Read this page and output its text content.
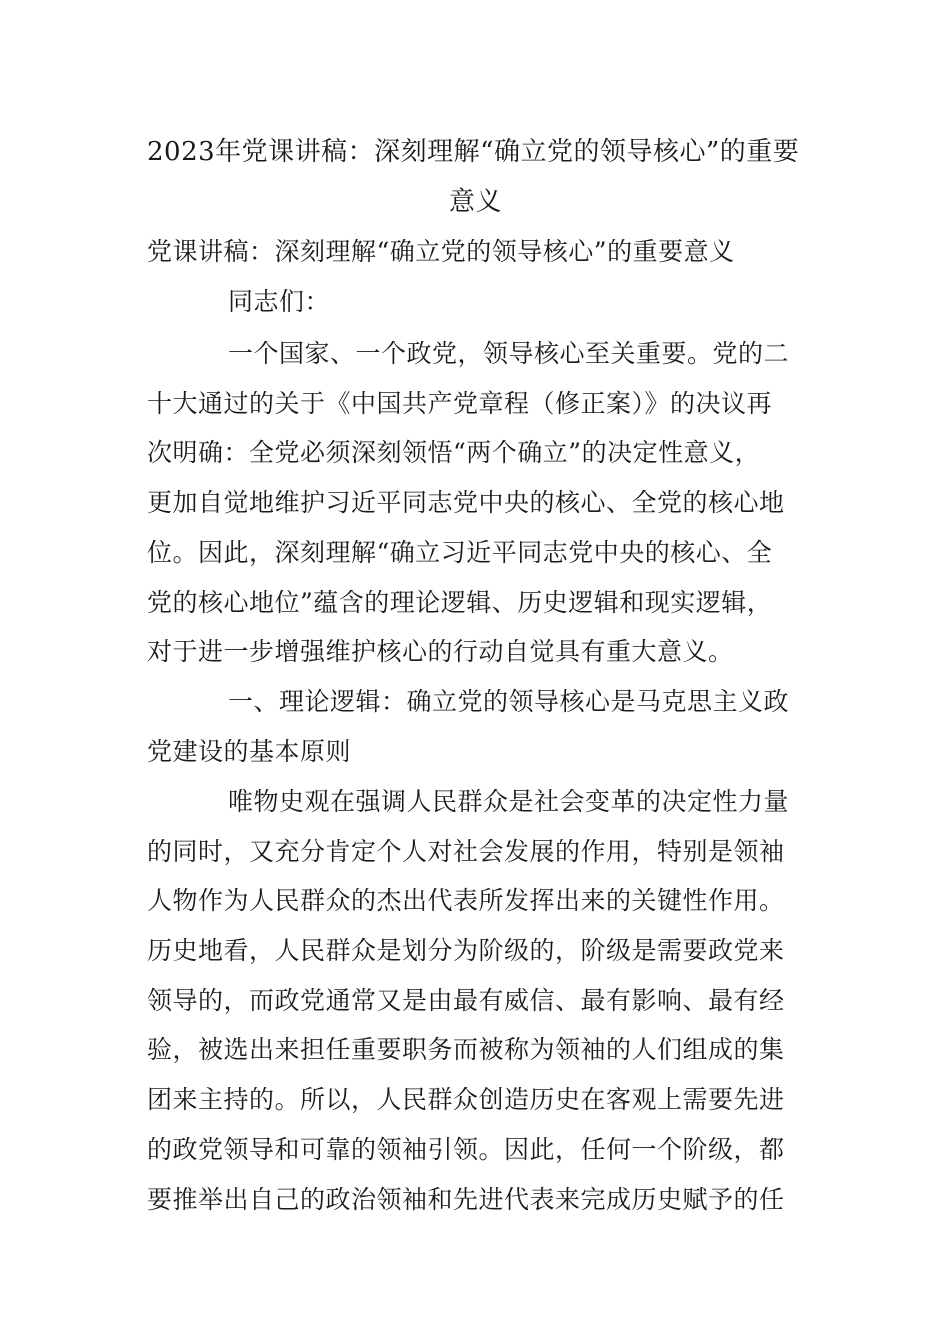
2023年党课讲稿：深刻理解“确立党的领导核心”的重要
意义
党课讲稿：深刻理解“确立党的领导核心”的重要意义
同志们：
一个国家、一个政党，领导核心至关重要。党的二
十大通过的关于《中国共产党章程（修正案）》的决议再
次明确：全党必须深刻领悟“两个确立”的决定性意义，
更加自觉地维护习近平同志党中央的核心、全党的核心地
位。因此，深刻理解“确立习近平同志党中央的核心、全
党的核心地位”蕴含的理论逻辑、历史逻辑和现实逻辑，
对于进一步增强维护核心的行动自觉具有重大意义。
一、理论逻辑：确立党的领导核心是马克思主义政
党建设的基本原则
唯物史观在强调人民群众是社会变革的决定性力量
的同时，又充分肯定个人对社会发展的作用，特别是领袖
人物作为人民群众的杰出代表所发挥出来的关键性作用。
历史地看，人民群众是划分为阶级的，阶级是需要政党来
领导的，而政党通常又是由最有威信、最有影响、最有经
验，被选出来担任重要职务而被称为领袖的人们组成的集
团来主持的。所以，人民群众创造历史在客观上需要先进
的政党领导和可靠的领袖引领。因此，任何一个阶级，都
要推举出自己的政治领袖和先进代表来完成历史赋予的任
